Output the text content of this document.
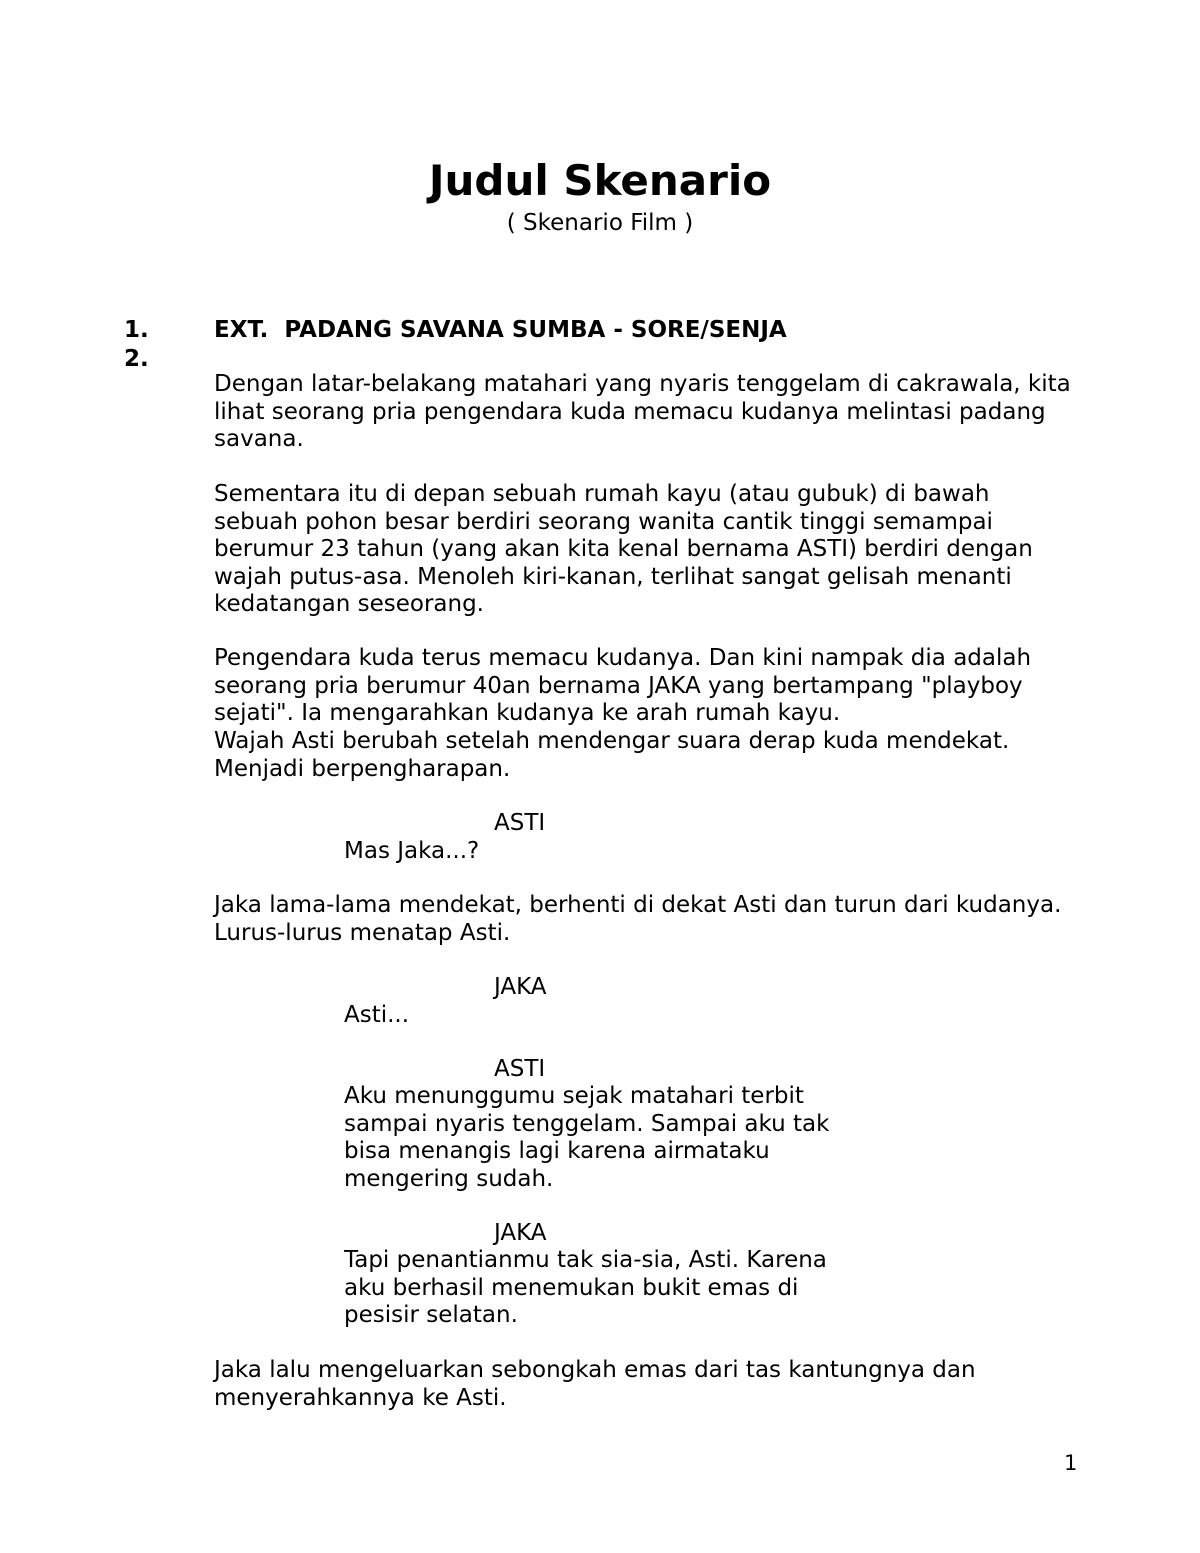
Judul Skenario
( Skenario Film )
1.
2.
EXT.  PADANG SAVANA SUMBA - SORE/SENJA
Dengan latar-belakang matahari yang nyaris tenggelam di cakrawala, kita lihat seorang pria pengendara kuda memacu kudanya melintasi padang savana.
Sementara itu di depan sebuah rumah kayu (atau gubuk) di bawah sebuah pohon besar berdiri seorang wanita cantik tinggi semampai berumur 23 tahun (yang akan kita kenal bernama ASTI) berdiri dengan wajah putus-asa. Menoleh kiri-kanan, terlihat sangat gelisah menanti kedatangan seseorang.
Pengendara kuda terus memacu kudanya. Dan kini nampak dia adalah seorang pria berumur 40an bernama JAKA yang bertampang "playboy sejati". Ia mengarahkan kudanya ke arah rumah kayu.
Wajah Asti berubah setelah mendengar suara derap kuda mendekat. Menjadi berpengharapan.
ASTI
Mas Jaka...?
Jaka lama-lama mendekat, berhenti di dekat Asti dan turun dari kudanya. Lurus-lurus menatap Asti.
JAKA
Asti...
ASTI
Aku menunggumu sejak matahari terbit sampai nyaris tenggelam. Sampai aku tak bisa menangis lagi karena airmataku mengering sudah.
JAKA
Tapi penantianmu tak sia-sia, Asti. Karena aku berhasil menemukan bukit emas di pesisir selatan.
Jaka lalu mengeluarkan sebongkah emas dari tas kantungnya dan menyerahkannya ke Asti.
1
